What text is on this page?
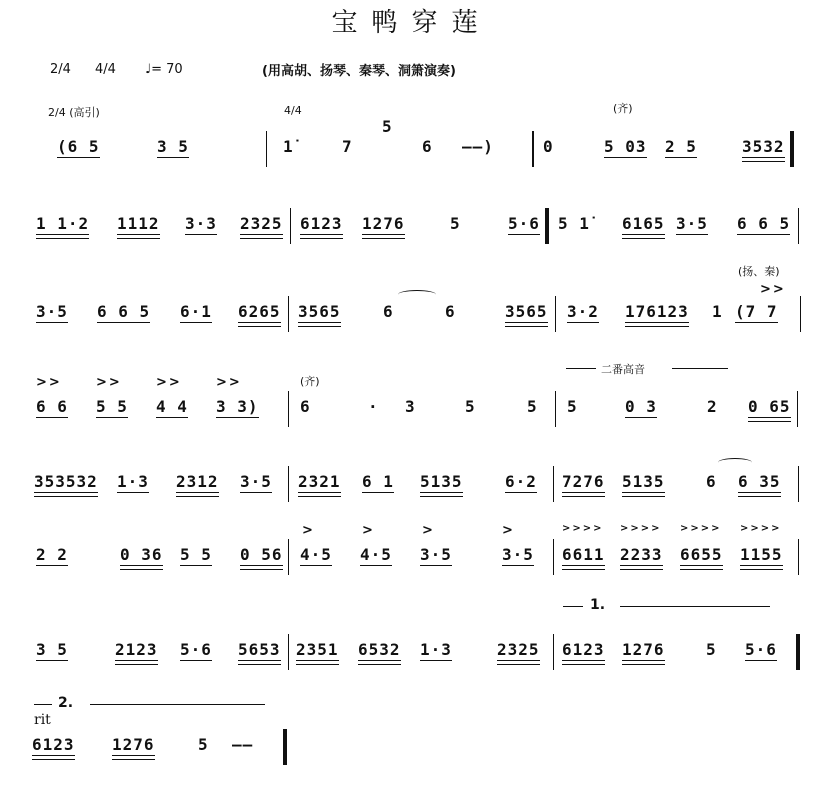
宝鸭穿莲
2/4 4/4 ♩= 70	(用高胡、扬琴、秦琴、洞箫演奏)
2/4 (高引)	4/4	(齐)
(6 5	3 5	1̇	7
5
6 ——)	0	5 03 2 5	3532
1 1·2 1112 3·3 2325 6123 1276	5	5·6 5 1̇ 6165 3·5 6 6 5
(扬、秦)
3·5 6 6 5 6·1 6265 3565	6	6	3565 3·2 176123 1 (7 7
>>
(齐)
二番高音
>>	>>	>>	>>
6 6 5 5 4 4 3 3)	6	· 3	5	5 5	0 3	2 0 65
353532 1·3 2312 3·5 2321 6 1 5135	6·2 7276 5135	6 6 35
2 2	0 36 5 5 0 56
>	>	>	>
4·5 4·5 3·5	3·5
>>>> >>>> >>>> >>>>
6611 2233 6655 1155
1.
3 5	2123 5·6 5653 2351 6532 1·3	2325 6123 1276	5 5·6
2.
rit
6123 1276	5 ——
